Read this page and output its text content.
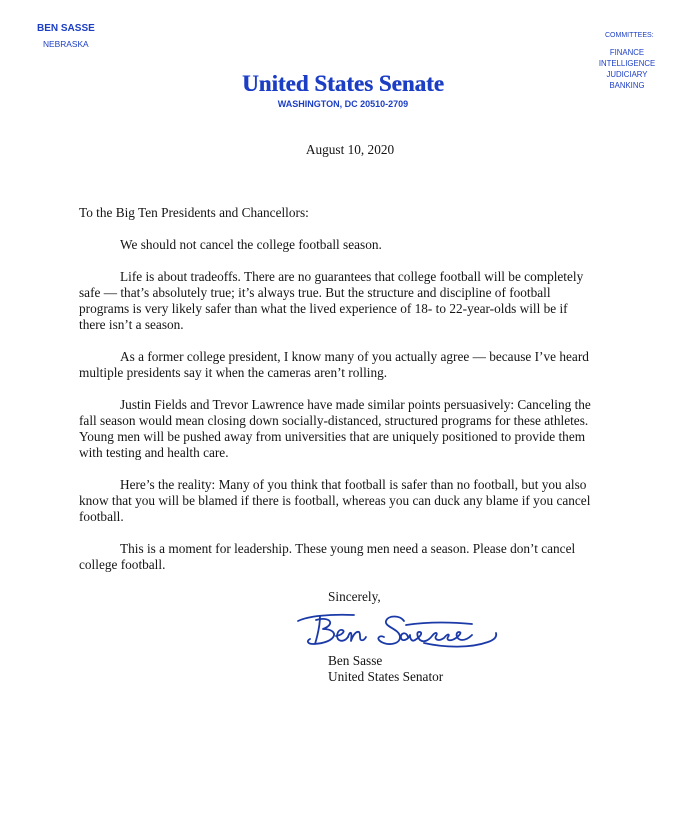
BEN SASSE
NEBRASKA
COMMITTEES:
FINANCE
INTELLIGENCE
JUDICIARY
BANKING
United States Senate
WASHINGTON, DC 20510-2709
August 10, 2020
To the Big Ten Presidents and Chancellors:
We should not cancel the college football season.
Life is about tradeoffs. There are no guarantees that college football will be completely
safe — that’s absolutely true; it’s always true. But the structure and discipline of football
programs is very likely safer than what the lived experience of 18- to 22-year-olds will be if
there isn’t a season.
As a former college president, I know many of you actually agree — because I’ve heard
multiple presidents say it when the cameras aren’t rolling.
Justin Fields and Trevor Lawrence have made similar points persuasively: Canceling the
fall season would mean closing down socially-distanced, structured programs for these athletes.
Young men will be pushed away from universities that are uniquely positioned to provide them
with testing and health care.
Here’s the reality: Many of you think that football is safer than no football, but you also
know that you will be blamed if there is football, whereas you can duck any blame if you cancel
football.
This is a moment for leadership. These young men need a season. Please don’t cancel
college football.
Sincerely,
Ben Sasse
United States Senator
